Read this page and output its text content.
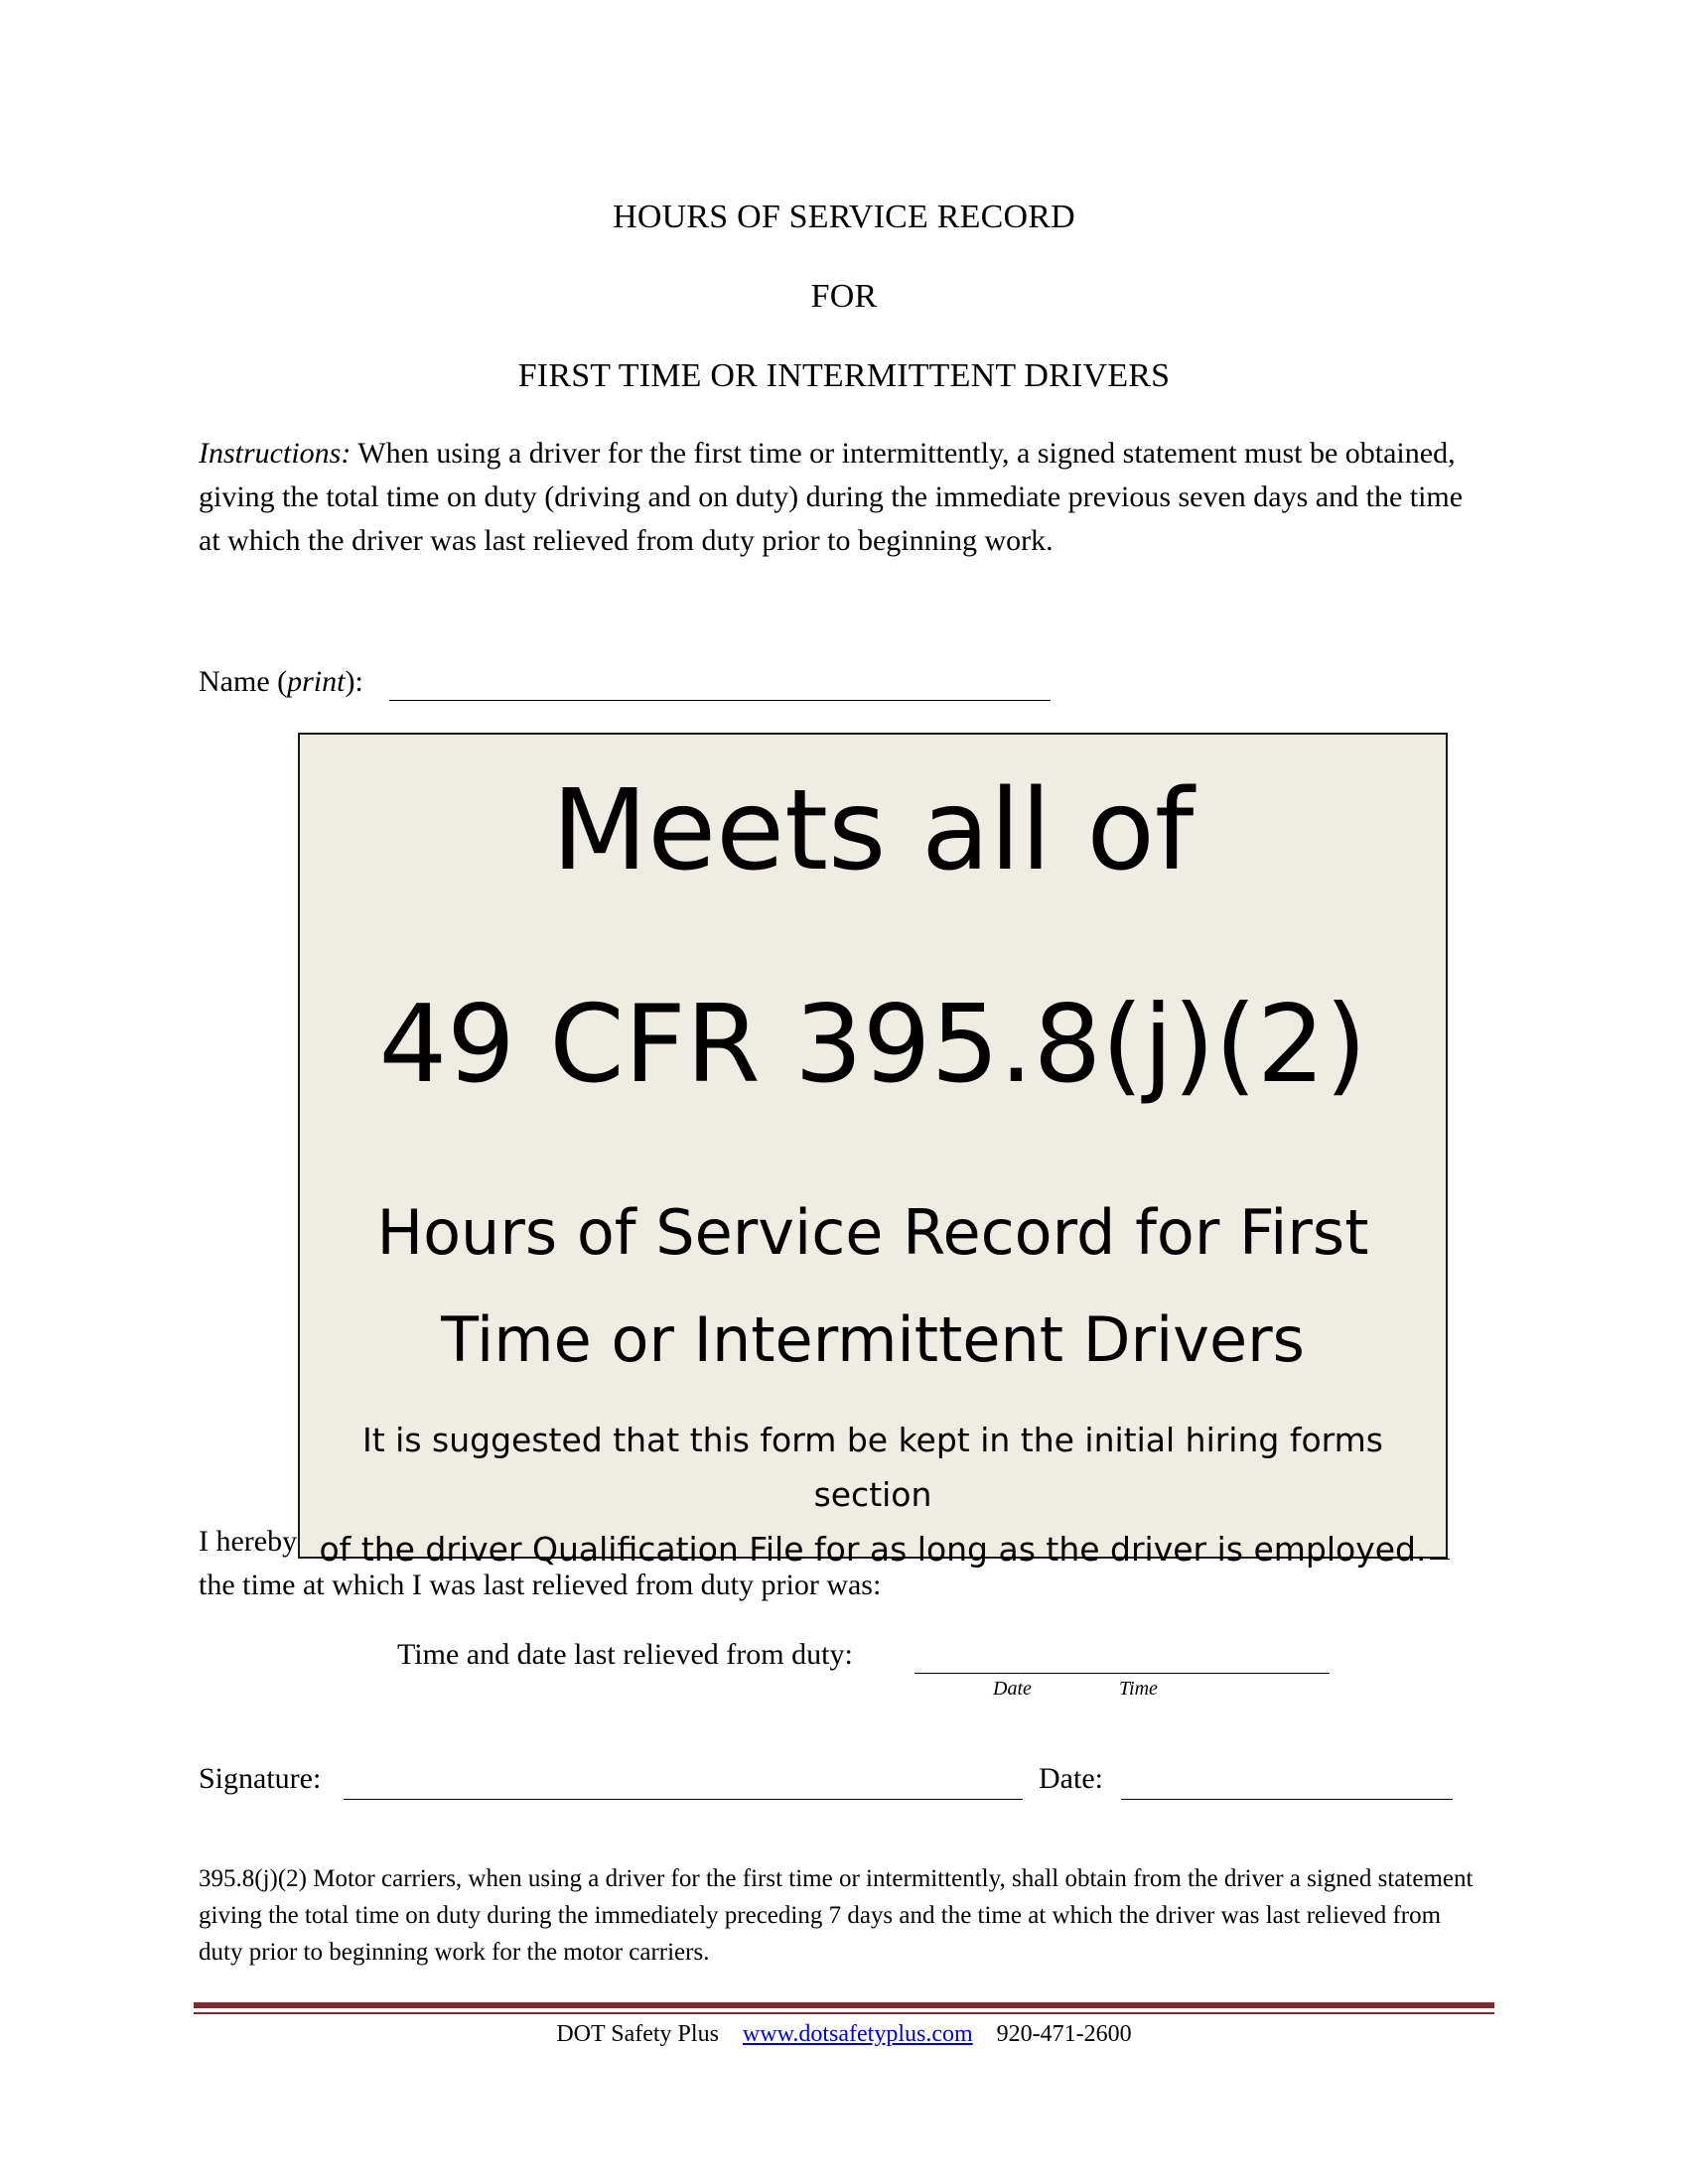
HOURS OF SERVICE RECORD
FOR
FIRST TIME OR INTERMITTENT DRIVERS
Instructions: When using a driver for the first time or intermittently, a signed statement must be obtained, giving the total time on duty (driving and on duty) during the immediate previous seven days and the time at which the driver was last relieved from duty prior to beginning work.
Name (print):
I hereby
the time at which I was last relieved from duty prior was:
Time and date last relieved from duty:
Date	Time
Signature:	Date:
395.8(j)(2) Motor carriers, when using a driver for the first time or intermittently, shall obtain from the driver a signed statement giving the total time on duty during the immediately preceding 7 days and the time at which the driver was last relieved from duty prior to beginning work for the motor carriers.
DOT Safety Plus www.dotsafetyplus.com 920-471-2600
Meets all of
49 CFR 395.8(j)(2)
Hours of Service Record for First
Time or Intermittent Drivers
It is suggested that this form be kept in the initial hiring forms section
of the driver Qualification File for as long as the driver is employed.
